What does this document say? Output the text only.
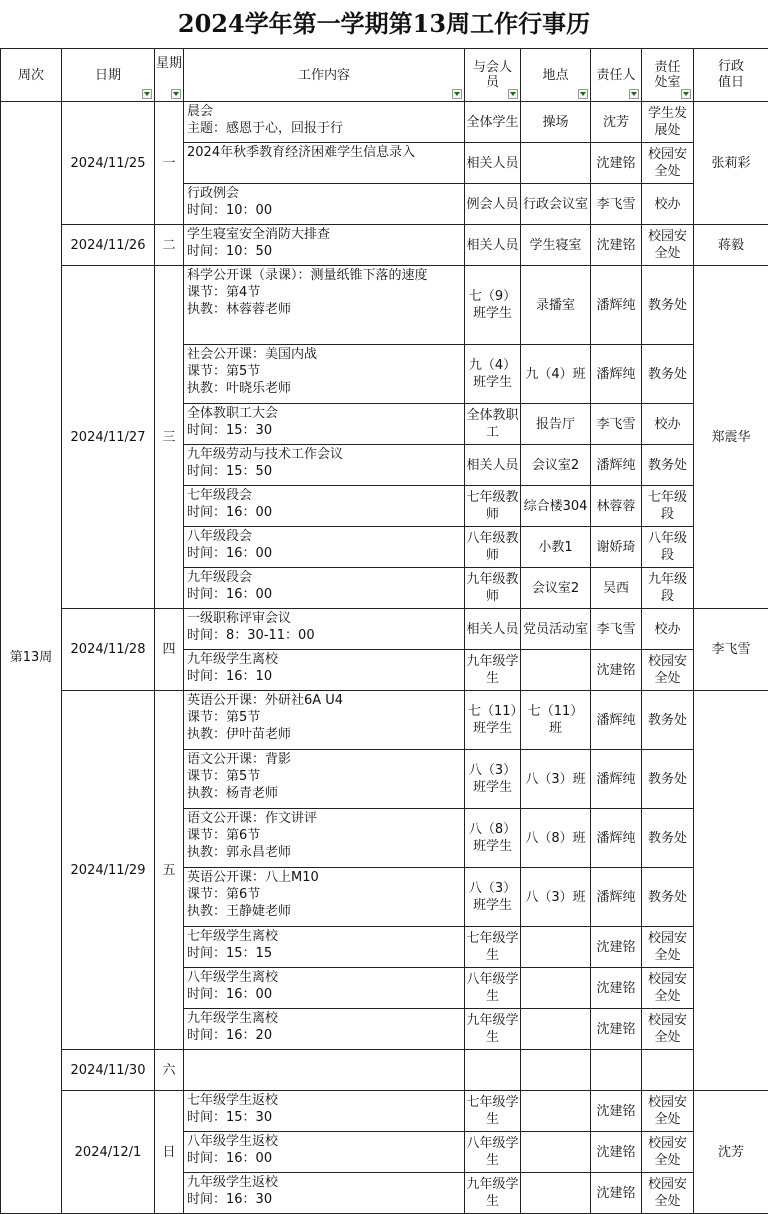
2024学年第一学期第13周工作行事历
周次	日期	星期	工作内容	与会人员	地点	责任人	责任处室	行政值日
第13周	2024/11/25	一	晨会
主题：感恩于心，回报于行	全体学生	操场	沈芳	学生发展处	张莉彩

			2024年秋季教育经济困难学生信息录入	相关人员		沈建铭	校园安全处	

			行政例会
时间：10：00	例会人员	行政会议室	李飞雪	校办	
	2024/11/26	二	学生寝室安全消防大排查
时间：10：50	相关人员	学生寝室	沈建铭	校园安全处	蒋毅
	2024/11/27	三	科学公开课（录课）：测量纸锥下落的速度
课节：第4节
执教：林蓉蓉老师	七（9）班学生	录播室	潘辉纯	教务处	郑震华

			社会公开课：美国内战
课节：第5节
执教：叶晓乐老师	九（4）班学生	九（4）班	潘辉纯	教务处	

			全体教职工大会
时间：15：30	全体教职工	报告厅	李飞雪	校办	

			九年级劳动与技术工作会议
时间：15：50	相关人员	会议室2	潘辉纯	教务处	

			七年级段会
时间：16：00	七年级教师	综合楼304	林蓉蓉	七年级段	

			八年级段会
时间：16：00	八年级教师	小教1	谢娇琦	八年级段	

			九年级段会
时间：16：00	九年级教师	会议室2	吴西	九年级段	
	2024/11/28	四	一级职称评审会议
时间：8：30-11：00	相关人员	党员活动室	李飞雪	校办	李飞雪

			九年级学生离校
时间：16：10	九年级学生		沈建铭	校园安全处	
	2024/11/29	五	英语公开课：外研社6A U4
课节：第5节
执教：伊叶苗老师	七（11）班学生	七（11）班	潘辉纯	教务处	

			语文公开课：背影
课节：第5节
执教：杨青老师	八（3）班学生	八（3）班	潘辉纯	教务处	

			语文公开课：作文讲评
课节：第6节
执教：郭永昌老师	八（8）班学生	八（8）班	潘辉纯	教务处	

			英语公开课：八上M10
课节：第6节
执教：王静婕老师	八（3）班学生	八（3）班	潘辉纯	教务处	

			七年级学生离校
时间：15：15	七年级学生		沈建铭	校园安全处	

			八年级学生离校
时间：16：00	八年级学生		沈建铭	校园安全处	

			九年级学生离校
时间：16：20	九年级学生		沈建铭	校园安全处	
	2024/11/30	六						
	2024/12/1	日	七年级学生返校
时间：15：30	七年级学生		沈建铭	校园安全处	沈芳

			八年级学生返校
时间：16：00	八年级学生		沈建铭	校园安全处	

			九年级学生返校
时间：16：30	九年级学生		沈建铭	校园安全处	
